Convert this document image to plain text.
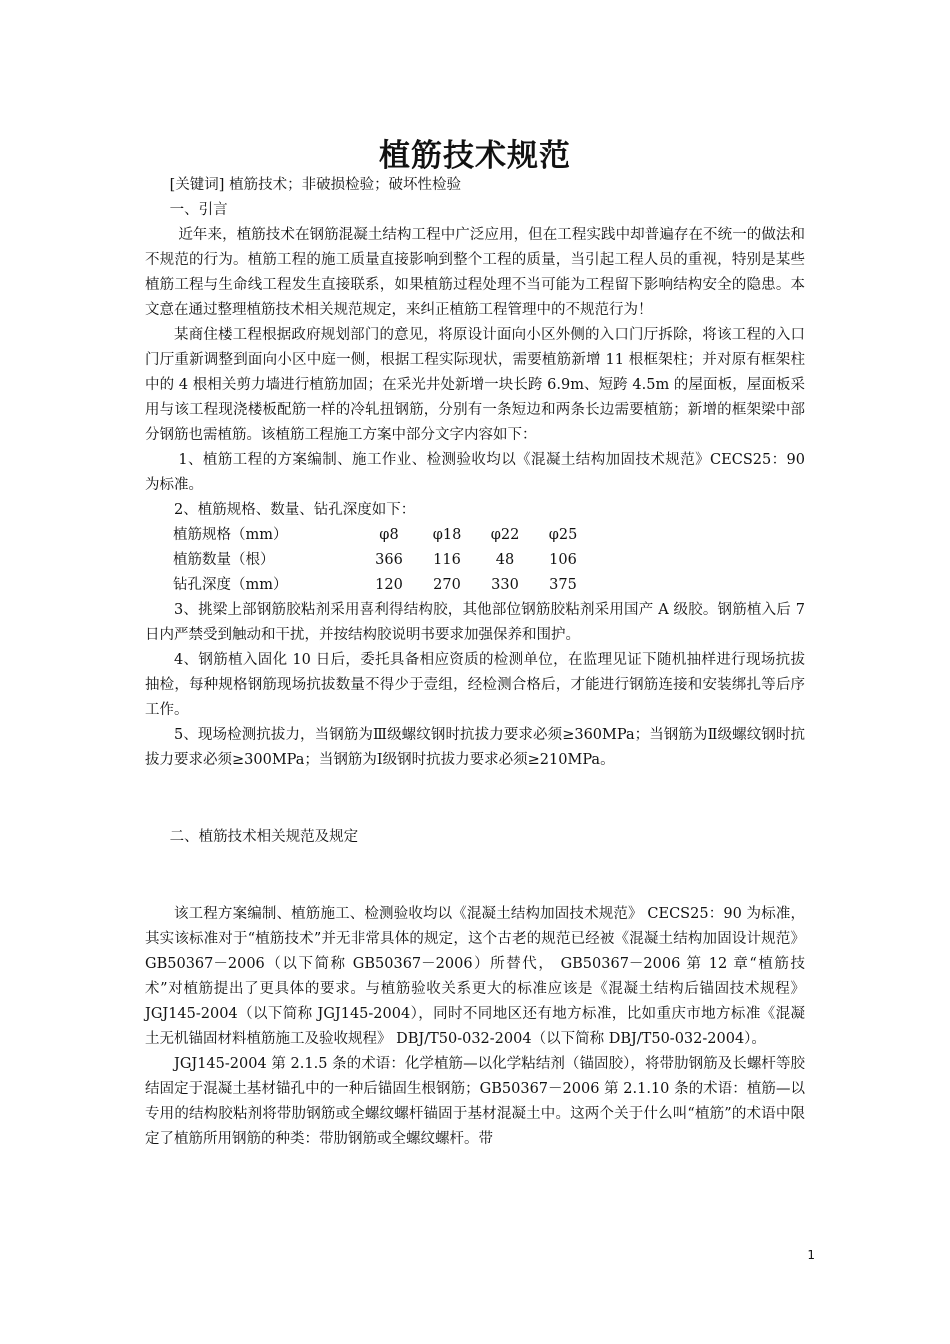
植筋技术规范

[关键词] 植筋技术；非破损检验；破坏性检验

一、引言

近年来，植筋技术在钢筋混凝土结构工程中广泛应用，但在工程实践中却普遍存在不统一的做法和不规范的行为。植筋工程的施工质量直接影响到整个工程的质量，当引起工程人员的重视，特别是某些植筋工程与生命线工程发生直接联系，如果植筋过程处理不当可能为工程留下影响结构安全的隐患。本文意在通过整理植筋技术相关规范规定，来纠正植筋工程管理中的不规范行为！

某商住楼工程根据政府规划部门的意见，将原设计面向小区外侧的入口门厅拆除，将该工程的入口门厅重新调整到面向小区中庭一侧，根据工程实际现状，需要植筋新增 11 根框架柱；并对原有框架柱中的 4 根相关剪力墙进行植筋加固；在采光井处新增一块长跨 6.9m、短跨 4.5m 的屋面板，屋面板采用与该工程现浇楼板配筋一样的冷轧扭钢筋，分别有一条短边和两条长边需要植筋；新增的框架梁中部分钢筋也需植筋。该植筋工程施工方案中部分文字内容如下：

1、植筋工程的方案编制、施工作业、检测验收均以《混凝土结构加固技术规范》CECS25：90 为标准。

2、植筋规格、数量、钻孔深度如下：

植筋规格（mm）	φ8	φ18	φ22	φ25
植筋数量（根）	366	116	48	106
钻孔深度（mm）	120	270	330	375

3、挑梁上部钢筋胶粘剂采用喜利得结构胶，其他部位钢筋胶粘剂采用国产 A 级胶。钢筋植入后 7 日内严禁受到触动和干扰，并按结构胶说明书要求加强保养和围护。

4、钢筋植入固化 10 日后，委托具备相应资质的检测单位，在监理见证下随机抽样进行现场抗拔抽检，每种规格钢筋现场抗拔数量不得少于壹组，经检测合格后，才能进行钢筋连接和安装绑扎等后序工作。

5、现场检测抗拔力，当钢筋为Ⅲ级螺纹钢时抗拔力要求必须≥360MPa；当钢筋为Ⅱ级螺纹钢时抗拔力要求必须≥300MPa；当钢筋为Ⅰ级钢时抗拔力要求必须≥210MPa。

二、植筋技术相关规范及规定

该工程方案编制、植筋施工、检测验收均以《混凝土结构加固技术规范》 CECS25：90 为标准，其实该标准对于“植筋技术”并无非常具体的规定，这个古老的规范已经被《混凝土结构加固设计规范》GB50367－2006（以下简称 GB50367－2006）所替代， GB50367－2006 第 12 章“植筋技术”对植筋提出了更具体的要求。与植筋验收关系更大的标准应该是《混凝土结构后锚固技术规程》JGJ145-2004（以下简称 JGJ145-2004），同时不同地区还有地方标准，比如重庆市地方标准《混凝土无机锚固材料植筋施工及验收规程》 DBJ/T50-032-2004（以下简称 DBJ/T50-032-2004）。

JGJ145-2004 第 2.1.5 条的术语：化学植筋—以化学粘结剂（锚固胶），将带肋钢筋及长螺杆等胶结固定于混凝土基材锚孔中的一种后锚固生根钢筋；GB50367－2006 第 2.1.10 条的术语：植筋—以专用的结构胶粘剂将带肋钢筋或全螺纹螺杆锚固于基材混凝土中。这两个关于什么叫“植筋”的术语中限定了植筋所用钢筋的种类：带肋钢筋或全螺纹螺杆。带

1
